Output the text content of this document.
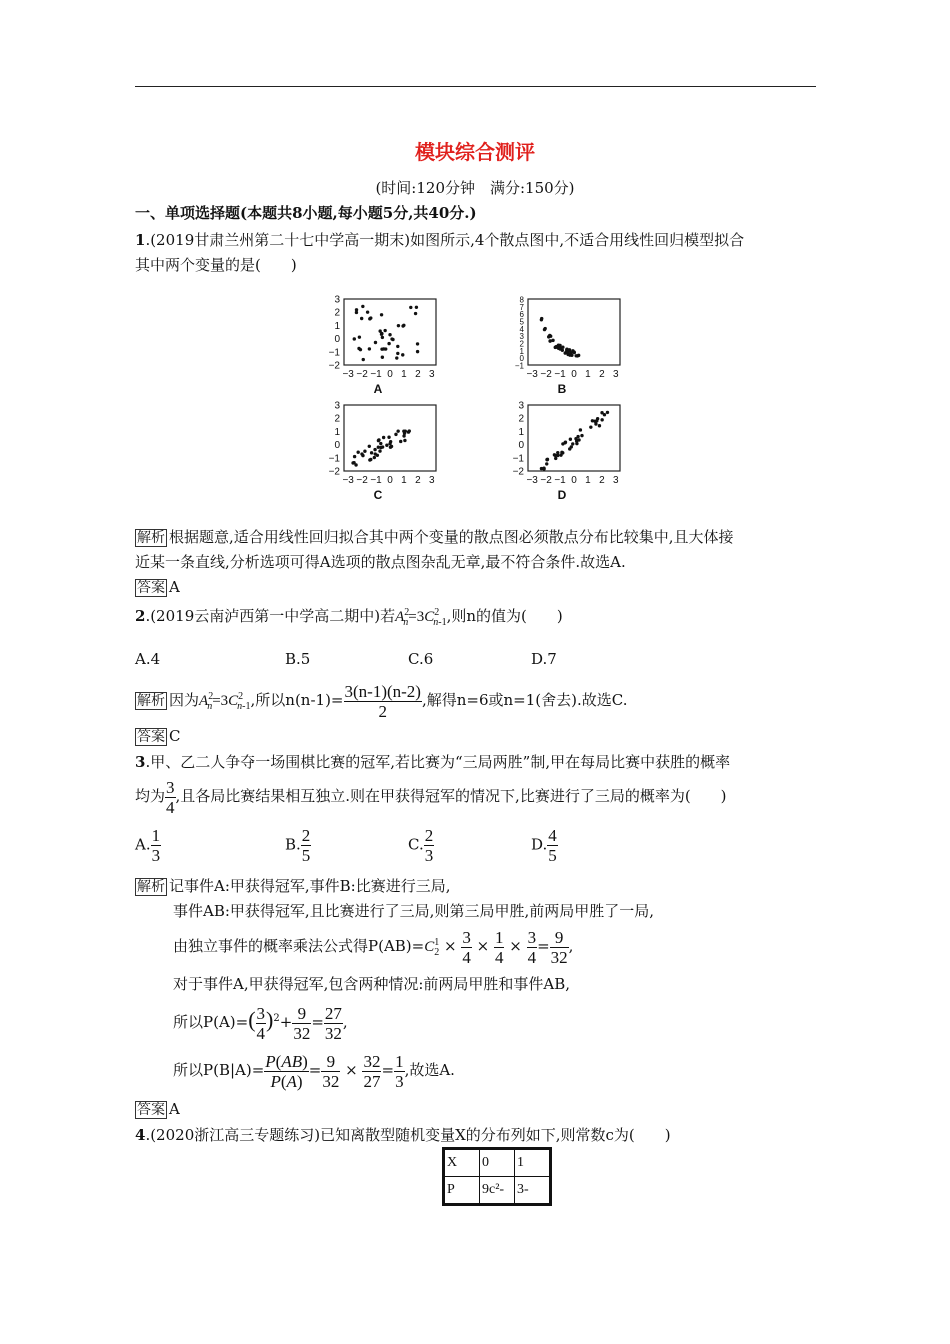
模块综合测评
(时间:120分钟　满分:150分)
一、单项选择题(本题共8小题,每小题5分,共40分.)
1.(2019甘肃兰州第二十七中学高一期末)如图所示,4个散点图中,不适合用线性回归模型拟合
其中两个变量的是(　　)
−3 −2 −1 0 1 2 3
3
2
1
0
−1
−2
A
−3 −2 −1 0 1 2 3
8
7
6
5
4
3
2
1
0
−1
B
−3 −2 −1 0 1 2 3
3
2
1
0
−1
−2
C
−3 −2 −1 0 1 2 3
3
2
1
0
−1
−2
D
解析 根据题意,适合用线性回归拟合其中两个变量的散点图必须散点分布比较集中,且大体接
近某一条直线,分析选项可得A选项的散点图杂乱无章,最不符合条件.故选A.
答案 A
2.(2019云南泸西第一中学高二期中)若$A^2_n=3C^2_{n-1}$,则n的值为(　　)
A.4	B.5	C.6	D.7
解析 因为$A^2_n=3C^2_{n-1}$,所以$n(n-1)= \frac{3(n-1)(n-2)}{2}$ ,解得n=6或n=1(舍去).故选C.
答案 C
3.甲、乙二人争夺一场围棋比赛的冠军,若比赛为“三局两胜”制,甲在每局比赛中获胜的概率
均为 $\frac{3}{4}$ ,且各局比赛结果相互独立.则在甲获得冠军的情况下,比赛进行了三局的概率为(　　)
A. $\frac{1}{3}$	B. $\frac{2}{5}$	C. $\frac{2}{3}$	D. $\frac{4}{5}$
解析 记事件A:甲获得冠军,事件B:比赛进行三局,
事件AB:甲获得冠军,且比赛进行了三局,则第三局甲胜,前两局甲胜了一局,
由独立事件的概率乘法公式得$P(AB)=C^1_2 \times \frac{3}{4} \times \frac{1}{4} \times \frac{3}{4} = \frac{9}{32}$ ,
对于事件A,甲获得冠军,包含两种情况:前两局甲胜和事件AB,
所以$P(A)=( \frac{3}{4} )^2+ \frac{9}{32} = \frac{27}{32}$ ,
所以$P(B|A)= \frac{P(AB)}{P(A)} = \frac{9}{32} \times \frac{32}{27} = \frac{1}{3}$ ,故选A.
答案 A
4.(2020浙江高三专题练习)已知离散型随机变量X的分布列如下,则常数c为(　　)
X	0	1
P	9c²-	3-
